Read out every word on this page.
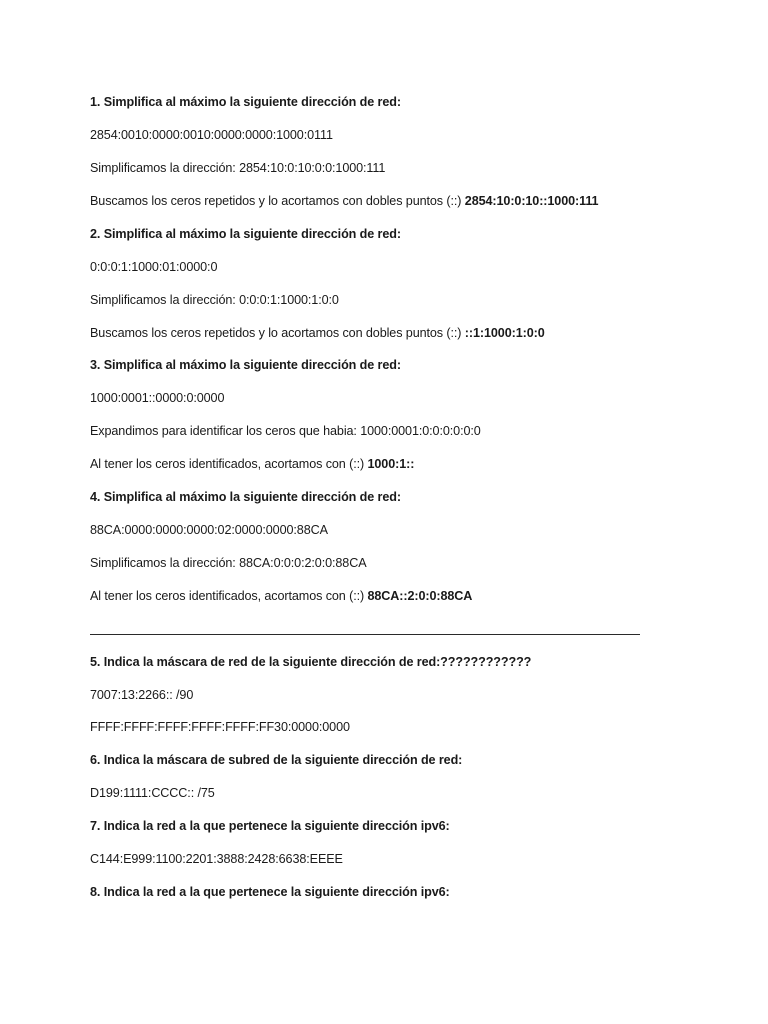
1. Simplifica al máximo la siguiente dirección de red:
2854:0010:0000:0010:0000:0000:1000:0111
Simplificamos la dirección: 2854:10:0:10:0:0:1000:111
Buscamos los ceros repetidos y lo acortamos con dobles puntos (::) 2854:10:0:10::1000:111
2. Simplifica al máximo la siguiente dirección de red:
0:0:0:1:1000:01:0000:0
Simplificamos la dirección: 0:0:0:1:1000:1:0:0
Buscamos los ceros repetidos y lo acortamos con dobles puntos (::) ::1:1000:1:0:0
3. Simplifica al máximo la siguiente dirección de red:
1000:0001::0000:0:0000
Expandimos para identificar los ceros que habia: 1000:0001:0:0:0:0:0:0
Al tener los ceros identificados, acortamos con (::) 1000:1::
4. Simplifica al máximo la siguiente dirección de red:
88CA:0000:0000:0000:02:0000:0000:88CA
Simplificamos la dirección: 88CA:0:0:0:2:0:0:88CA
Al tener los ceros identificados, acortamos con (::) 88CA::2:0:0:88CA
5. Indica la máscara de red de la siguiente dirección de red:????????????
7007:13:2266:: /90
FFFF:FFFF:FFFF:FFFF:FFFF:FF30:0000:0000
6. Indica la máscara de subred de la siguiente dirección de red:
D199:1111:CCCC:: /75
7. Indica la red a la que pertenece la siguiente dirección ipv6:
C144:E999:1100:2201:3888:2428:6638:EEEE
8. Indica la red a la que pertenece la siguiente dirección ipv6:
